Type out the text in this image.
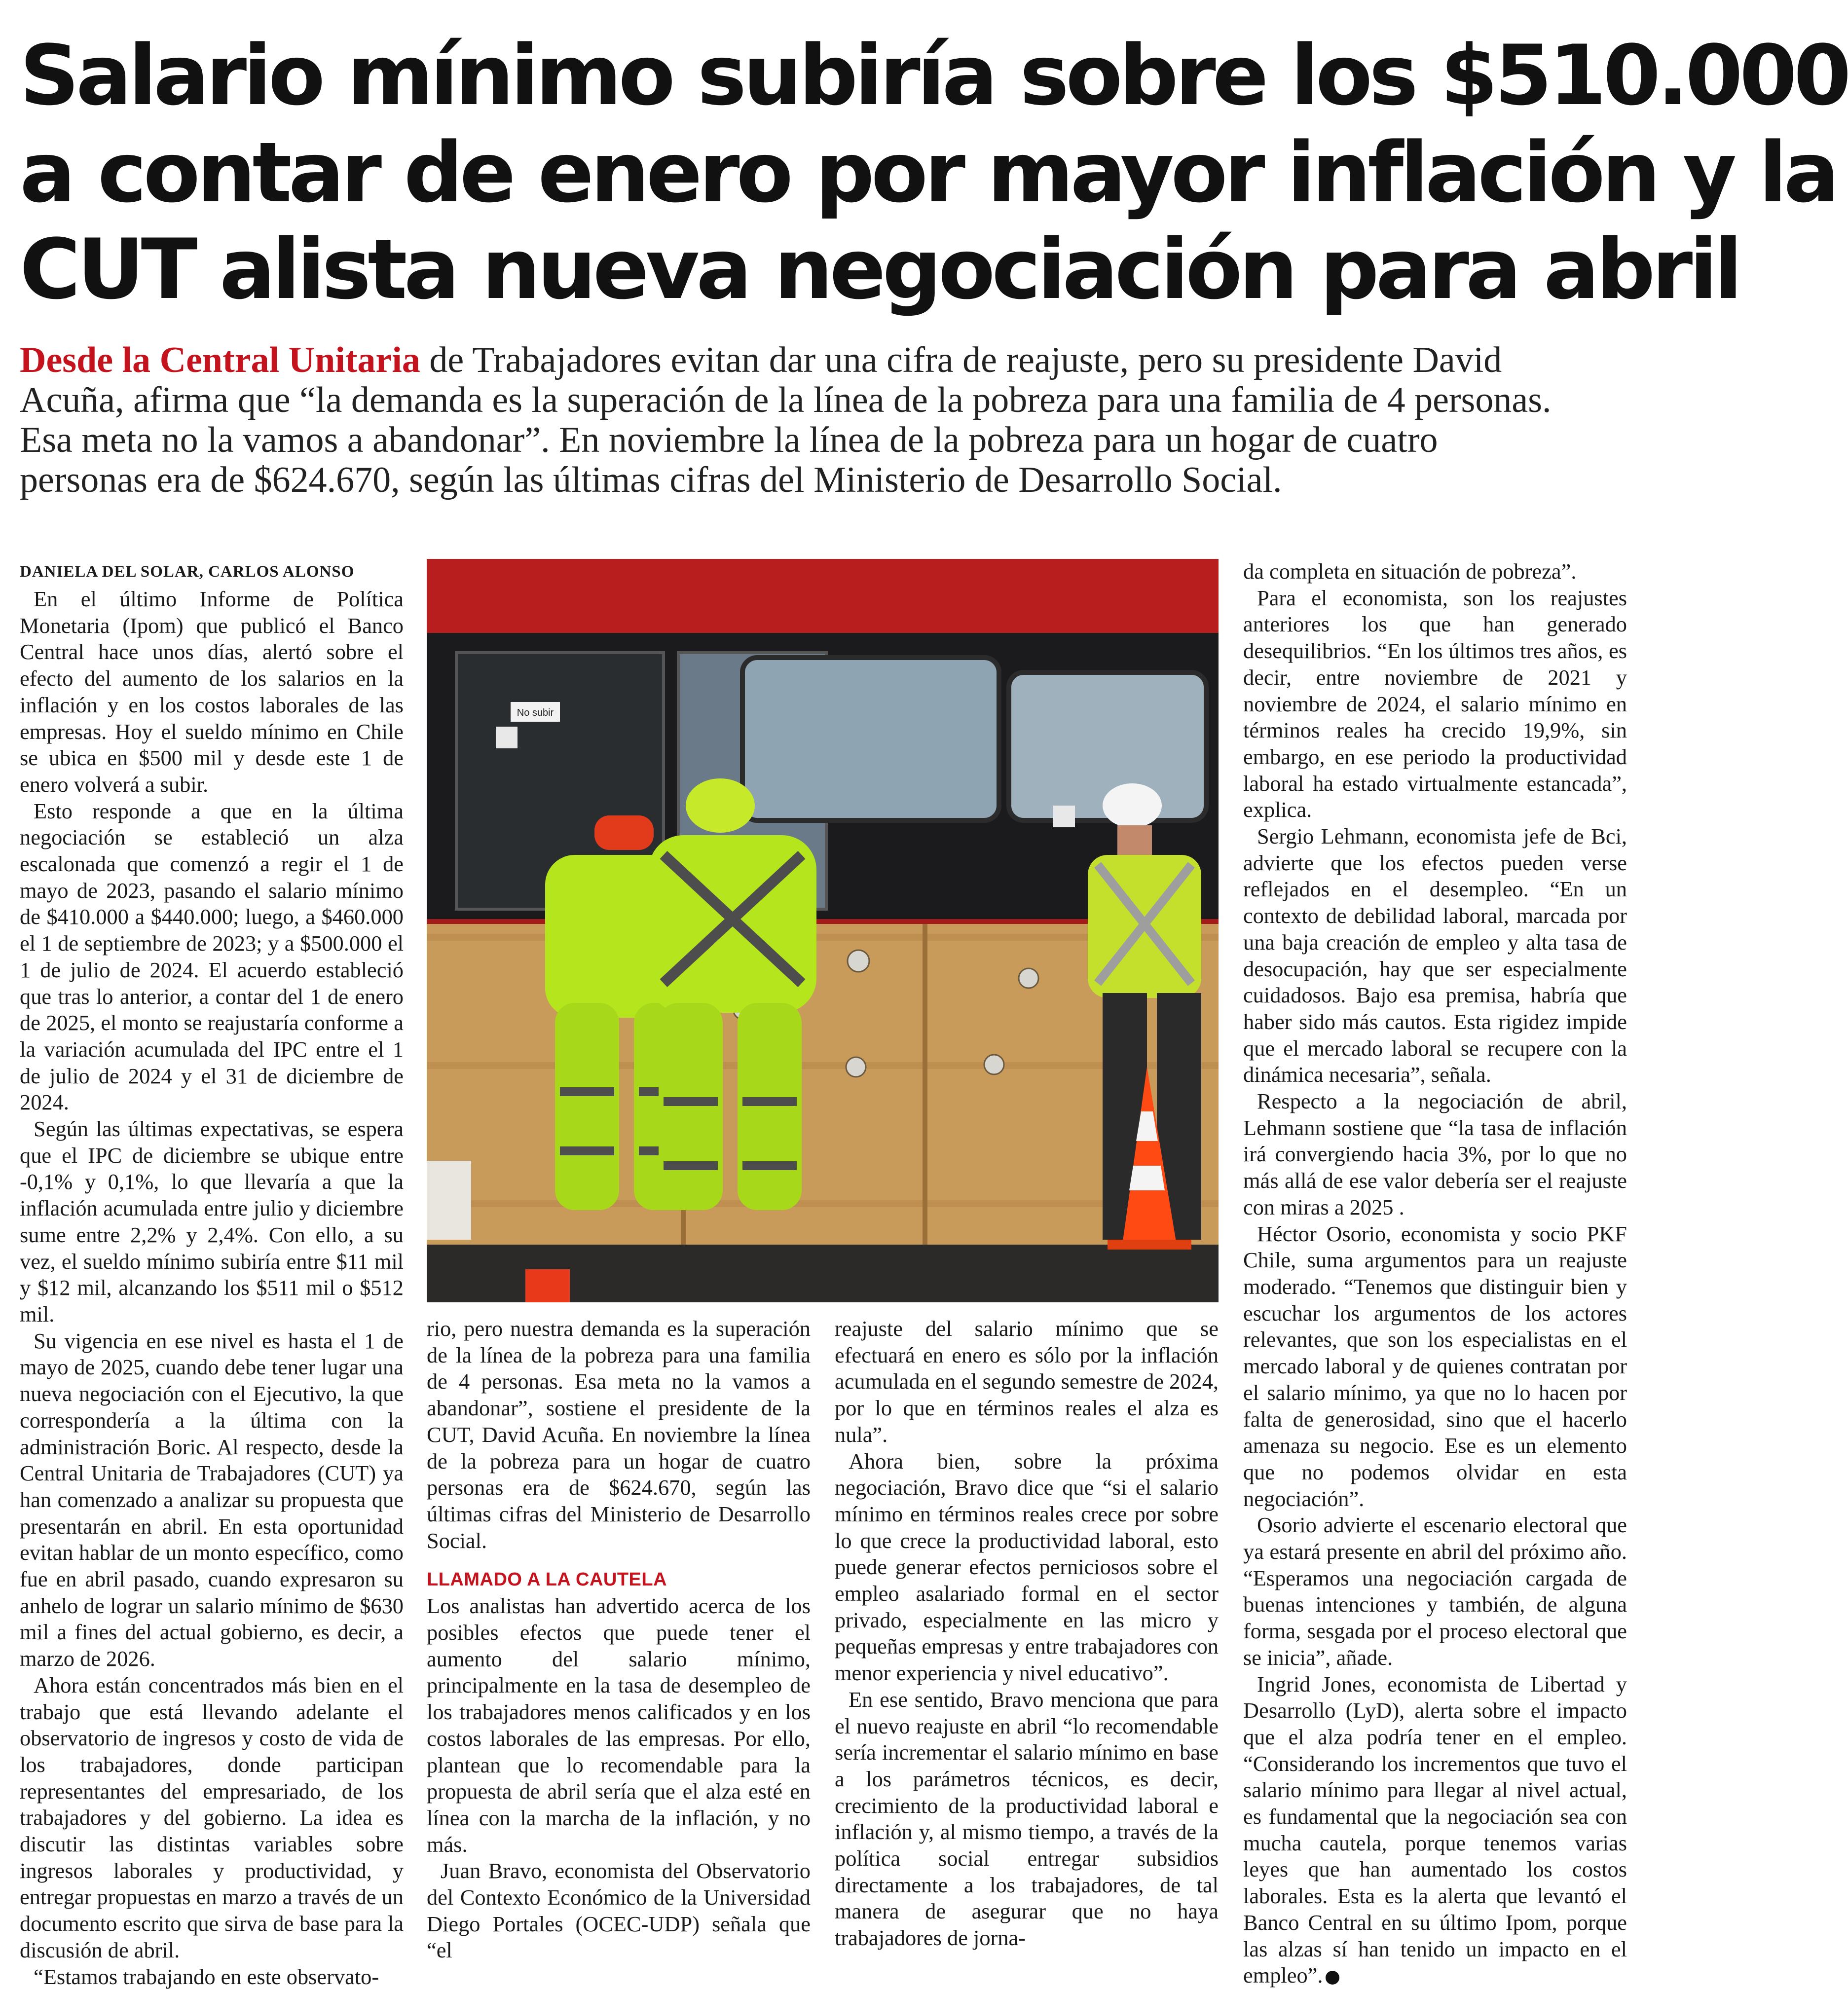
Salario mínimo subiría sobre los $510.000
a contar de enero por mayor inflación y la
CUT alista nueva negociación para abril
Desde la Central Unitaria de Trabajadores evitan dar una cifra de reajuste, pero su presidente David
Acuña, afirma que “la demanda es la superación de la línea de la pobreza para una familia de 4 personas.
Esa meta no la vamos a abandonar”. En noviembre la línea de la pobreza para un hogar de cuatro
personas era de $624.670, según las últimas cifras del Ministerio de Desarrollo Social.
DANIELA DEL SOLAR, CARLOS ALONSO

En el último Informe de Política Monetaria (Ipom) que publicó el Banco Central hace unos días, alertó sobre el efecto del aumento de los salarios en la inflación y en los costos laborales de las empresas. Hoy el sueldo mínimo en Chile se ubica en $500 mil y desde este 1 de enero volverá a subir.

Esto responde a que en la última negociación se estableció un alza escalonada que comenzó a regir el 1 de mayo de 2023, pasando el salario mínimo de $410.000 a $440.000; luego, a $460.000 el 1 de septiembre de 2023; y a $500.000 el 1 de julio de 2024. El acuerdo estableció que tras lo anterior, a contar del 1 de enero de 2025, el monto se reajustaría conforme a la variación acumulada del IPC entre el 1 de julio de 2024 y el 31 de diciembre de 2024.

Según las últimas expectativas, se espera que el IPC de diciembre se ubique entre -0,1% y 0,1%, lo que llevaría a que la inflación acumulada entre julio y diciembre sume entre 2,2% y 2,4%. Con ello, a su vez, el sueldo mínimo subiría entre $11 mil y $12 mil, alcanzando los $511 mil o $512 mil.

Su vigencia en ese nivel es hasta el 1 de mayo de 2025, cuando debe tener lugar una nueva negociación con el Ejecutivo, la que correspondería a la última con la administración Boric. Al respecto, desde la Central Unitaria de Trabajadores (CUT) ya han comenzado a analizar su propuesta que presentarán en abril. En esta oportunidad evitan hablar de un monto específico, como fue en abril pasado, cuando expresaron su anhelo de lograr un salario mínimo de $630 mil a fines del actual gobierno, es decir, a marzo de 2026.

Ahora están concentrados más bien en el trabajo que está llevando adelante el observatorio de ingresos y costo de vida de los trabajadores, donde participan representantes del empresariado, de los trabajadores y del gobierno. La idea es discutir las distintas variables sobre ingresos laborales y productividad, y entregar propuestas en marzo a través de un documento escrito que sirva de base para la discusión de abril.

“Estamos trabajando en este observato-

No subir

rio, pero nuestra demanda es la superación de la línea de la pobreza para una familia de 4 personas. Esa meta no la vamos a abandonar”, sostiene el presidente de la CUT, David Acuña. En noviembre la línea de la pobreza para un hogar de cuatro personas era de $624.670, según las últimas cifras del Ministerio de Desarrollo Social.

LLAMADO A LA CAUTELA

Los analistas han advertido acerca de los posibles efectos que puede tener el aumento del salario mínimo, principalmente en la tasa de desempleo de los trabajadores menos calificados y en los costos laborales de las empresas. Por ello, plantean que lo recomendable para la propuesta de abril sería que el alza esté en línea con la marcha de la inflación, y no más.

Juan Bravo, economista del Observatorio del Contexto Económico de la Universidad Diego Portales (OCEC-UDP) señala que “el

reajuste del salario mínimo que se efectuará en enero es sólo por la inflación acumulada en el segundo semestre de 2024, por lo que en términos reales el alza es nula”.

Ahora bien, sobre la próxima negociación, Bravo dice que “si el salario mínimo en términos reales crece por sobre lo que crece la productividad laboral, esto puede generar efectos perniciosos sobre el empleo asalariado formal en el sector privado, especialmente en las micro y pequeñas empresas y entre trabajadores con menor experiencia y nivel educativo”.

En ese sentido, Bravo menciona que para el nuevo reajuste en abril “lo recomendable sería incrementar el salario mínimo en base a los parámetros técnicos, es decir, crecimiento de la productividad laboral e inflación y, al mismo tiempo, a través de la política social entregar subsidios directamente a los trabajadores, de tal manera de asegurar que no haya trabajadores de jorna-

da completa en situación de pobreza”.

Para el economista, son los reajustes anteriores los que han generado desequilibrios. “En los últimos tres años, es decir, entre noviembre de 2021 y noviembre de 2024, el salario mínimo en términos reales ha crecido 19,9%, sin embargo, en ese periodo la productividad laboral ha estado virtualmente estancada”, explica.

Sergio Lehmann, economista jefe de Bci, advierte que los efectos pueden verse reflejados en el desempleo. “En un contexto de debilidad laboral, marcada por una baja creación de empleo y alta tasa de desocupación, hay que ser especialmente cuidadosos. Bajo esa premisa, habría que haber sido más cautos. Esta rigidez impide que el mercado laboral se recupere con la dinámica necesaria”, señala.

Respecto a la negociación de abril, Lehmann sostiene que “la tasa de inflación irá convergiendo hacia 3%, por lo que no más allá de ese valor debería ser el reajuste con miras a 2025 .

Héctor Osorio, economista y socio PKF Chile, suma argumentos para un reajuste moderado. “Tenemos que distinguir bien y escuchar los argumentos de los actores relevantes, que son los especialistas en el mercado laboral y de quienes contratan por el salario mínimo, ya que no lo hacen por falta de generosidad, sino que el hacerlo amenaza su negocio. Ese es un elemento que no podemos olvidar en esta negociación”.

Osorio advierte el escenario electoral que ya estará presente en abril del próximo año. “Esperamos una negociación cargada de buenas intenciones y también, de alguna forma, sesgada por el proceso electoral que se inicia”, añade.

Ingrid Jones, economista de Libertad y Desarrollo (LyD), alerta sobre el impacto que el alza podría tener en el empleo. “Considerando los incrementos que tuvo el salario mínimo para llegar al nivel actual, es fundamental que la negociación sea con mucha cautela, porque tenemos varias leyes que han aumentado los costos laborales. Esta es la alerta que levantó el Banco Central en su último Ipom, porque las alzas sí han tenido un impacto en el empleo”. P
